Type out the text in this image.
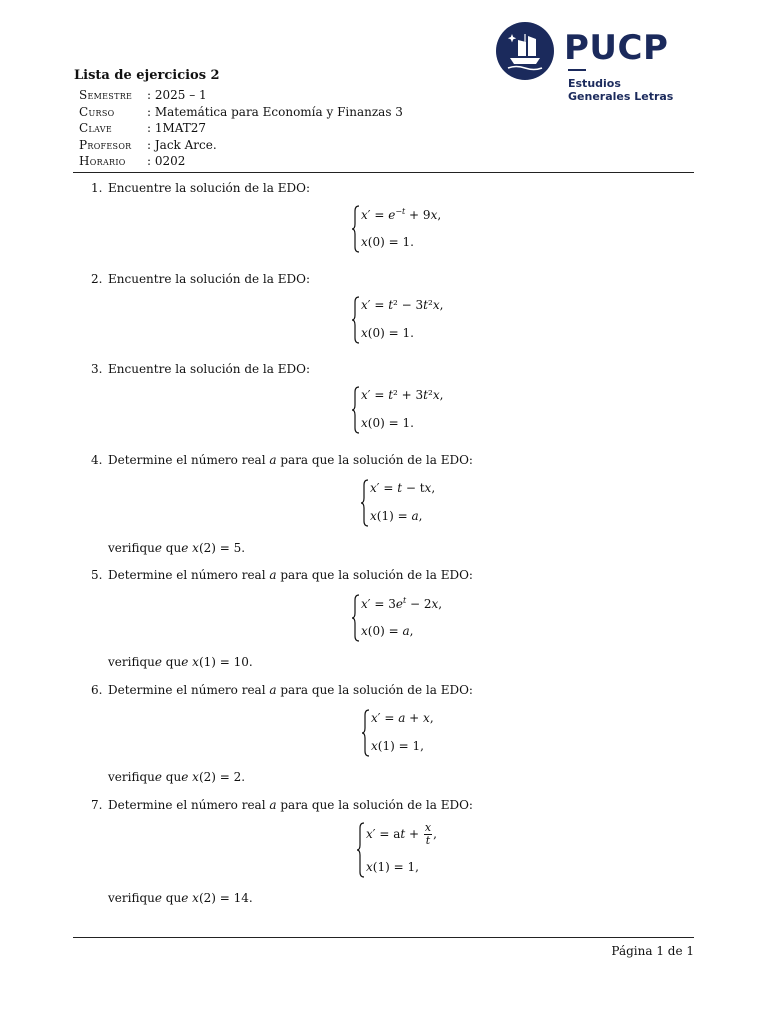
PUCP
Estudios
Generales Letras
Lista de ejercicios 2
Semestre : 2025 – 1
Curso	: Matemática para Economía y Finanzas 3
Clave	: 1MAT27
Profesor : Jack Arce.
Horario : 0202
1. Encuentre la solución de la EDO:
$x' = e^{-t} + 9x$,
x(0) = 1.
2. Encuentre la solución de la EDO:
x′ = t² − 3t²x,
x(0) = 1.
3. Encuentre la solución de la EDO:
x′ = t² + 3t²x,
x(0) = 1.
4. Determine el número real a para que la solución de la EDO:
x′ = t − tx,
x(1) = a,
verifique que x(2) = 5.
5. Determine el número real a para que la solución de la EDO:
$x' = 3e^t - 2x$,
x(0) = a,
verifique que x(1) = 10.
6. Determine el número real a para que la solución de la EDO:
x′ = a + x,
x(1) = 1,
verifique que x(2) = 2.
7. Determine el número real a para que la solución de la EDO:
x′ = at + $\frac{x}{t}$ ,
x(1) = 1,
verifique que x(2) = 14.
Página 1 de 1
